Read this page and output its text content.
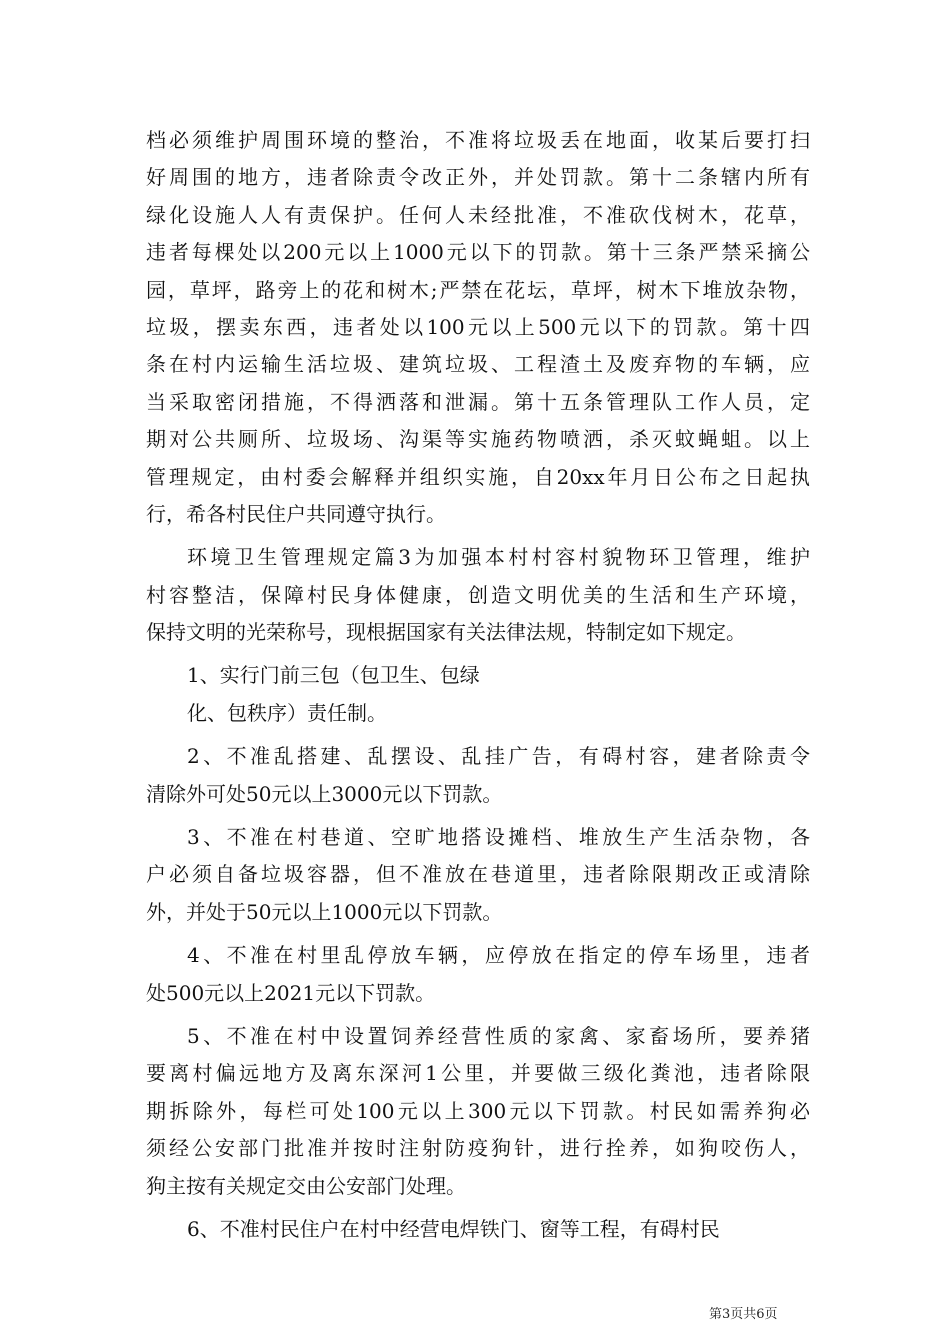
档必须维护周围环境的整治，不准将垃圾丢在地面，收某后要打扫
好周围的地方，违者除责令改正外，并处罚款。第十二条辖内所有
绿化设施人人有责保护。任何人未经批准，不准砍伐树木，花草，
违者每棵处以200元以上1000元以下的罚款。第十三条严禁采摘公
园，草坪，路旁上的花和树木;严禁在花坛，草坪，树木下堆放杂物，
垃圾，摆卖东西，违者处以100元以上500元以下的罚款。第十四
条在村内运输生活垃圾、建筑垃圾、工程渣土及废弃物的车辆，应
当采取密闭措施，不得洒落和泄漏。第十五条管理队工作人员，定
期对公共厕所、垃圾场、沟渠等实施药物喷洒，杀灭蚊蝇蛆。以上
管理规定，由村委会解释并组织实施，自20xx年月日公布之日起执
行，希各村民住户共同遵守执行。
环境卫生管理规定篇3为加强本村村容村貌物环卫管理，维护
村容整洁，保障村民身体健康，创造文明优美的生活和生产环境，
保持文明的光荣称号，现根据国家有关法律法规，特制定如下规定。
1、实行门前三包（包卫生、包绿
化、包秩序）责任制。
2、不准乱搭建、乱摆设、乱挂广告，有碍村容，建者除责令
清除外可处50元以上3000元以下罚款。
3、不准在村巷道、空旷地搭设摊档、堆放生产生活杂物，各
户必须自备垃圾容器，但不准放在巷道里，违者除限期改正或清除
外，并处于50元以上1000元以下罚款。
4、不准在村里乱停放车辆，应停放在指定的停车场里，违者
处500元以上2021元以下罚款。
5、不准在村中设置饲养经营性质的家禽、家畜场所，要养猪
要离村偏远地方及离东深河1公里，并要做三级化粪池，违者除限
期拆除外，每栏可处100元以上300元以下罚款。村民如需养狗必
须经公安部门批准并按时注射防疫狗针，进行拴养，如狗咬伤人，
狗主按有关规定交由公安部门处理。
6、不准村民住户在村中经营电焊铁门、窗等工程，有碍村民
第3页共6页
